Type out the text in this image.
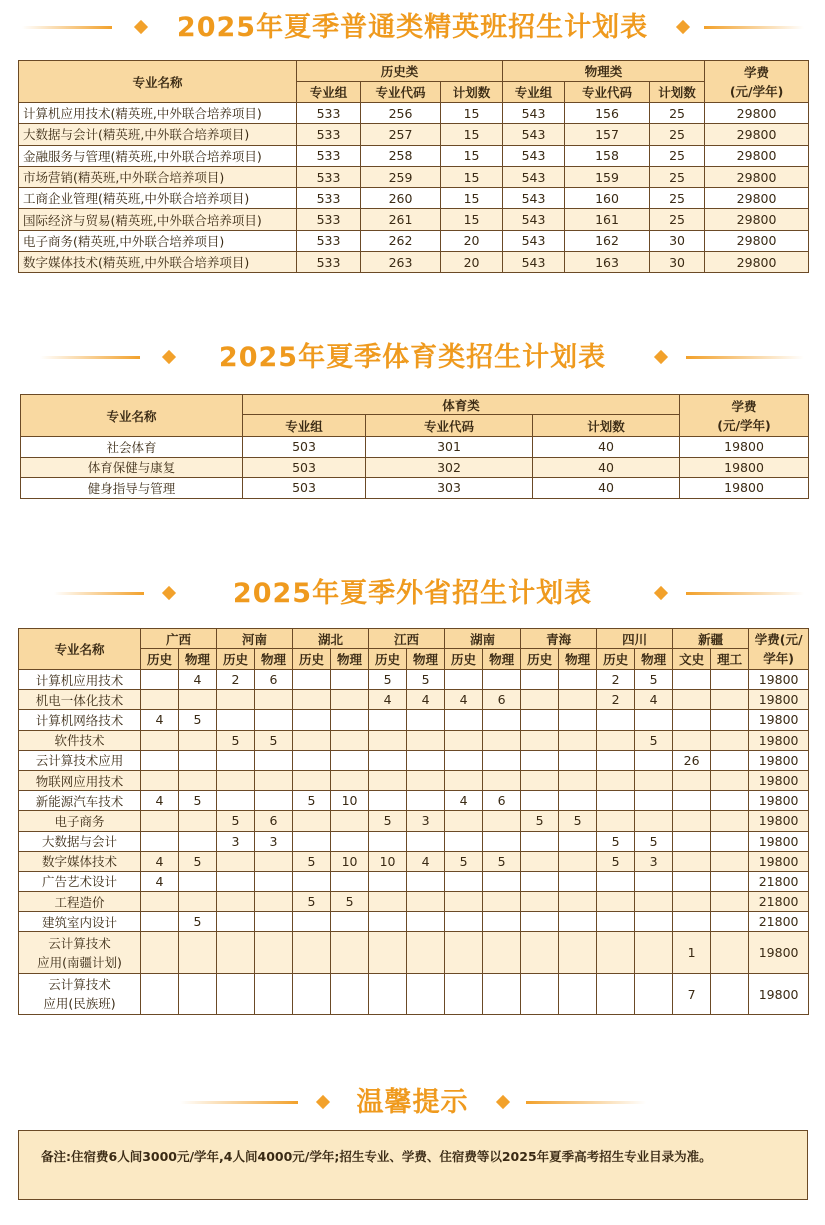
2025年夏季普通类精英班招生计划表
专业名称	历史类			物理类			学费
(元/学年)

	专业组	专业代码	计划数	专业组	专业代码	计划数	
计算机应用技术(精英班,中外联合培养项目)	533	256	15	543	156	25	29800
大数据与会计(精英班,中外联合培养项目)	533	257	15	543	157	25	29800
金融服务与管理(精英班,中外联合培养项目)	533	258	15	543	158	25	29800
市场营销(精英班,中外联合培养项目)	533	259	15	543	159	25	29800
工商企业管理(精英班,中外联合培养项目)	533	260	15	543	160	25	29800
国际经济与贸易(精英班,中外联合培养项目)	533	261	15	543	161	25	29800
电子商务(精英班,中外联合培养项目)	533	262	20	543	162	30	29800
数字媒体技术(精英班,中外联合培养项目)	533	263	20	543	163	30	29800
2025年夏季体育类招生计划表
专业名称	体育类			学费
(元/学年)

	专业组	专业代码	计划数	
社会体育	503	301	40	19800
体育保健与康复	503	302	40	19800
健身指导与管理	503	303	40	19800
2025年夏季外省招生计划表
专业名称	广西		河南		湖北		江西		湖南		青海		四川		新疆		学费(元/学年)
	历史	物理	历史	物理	历史	物理	历史	物理	历史	物理	历史	物理	历史	物理	文史	理工	
计算机应用技术		4	2	6			5	5					2	5			19800
机电一体化技术							4	4	4	6			2	4			19800
计算机网络技术	4	5															19800
软件技术			5	5										5			19800
云计算技术应用															26		19800
物联网应用技术																	19800
新能源汽车技术	4	5			5	10			4	6							19800
电子商务			5	6			5	3			5	5					19800
大数据与会计			3	3									5	5			19800
数字媒体技术	4	5			5	10	10	4	5	5			5	3			19800
广告艺术设计	4																21800
工程造价					5	5											21800
建筑室内设计		5															21800

云计算技术
应用(南疆计划)															1		19800

云计算技术
应用(民族班)															7		19800
温馨提示
备注:住宿费6人间3000元/学年,4人间4000元/学年;招生专业、学费、住宿费等以2025年夏季高考招生专业目录为准。
